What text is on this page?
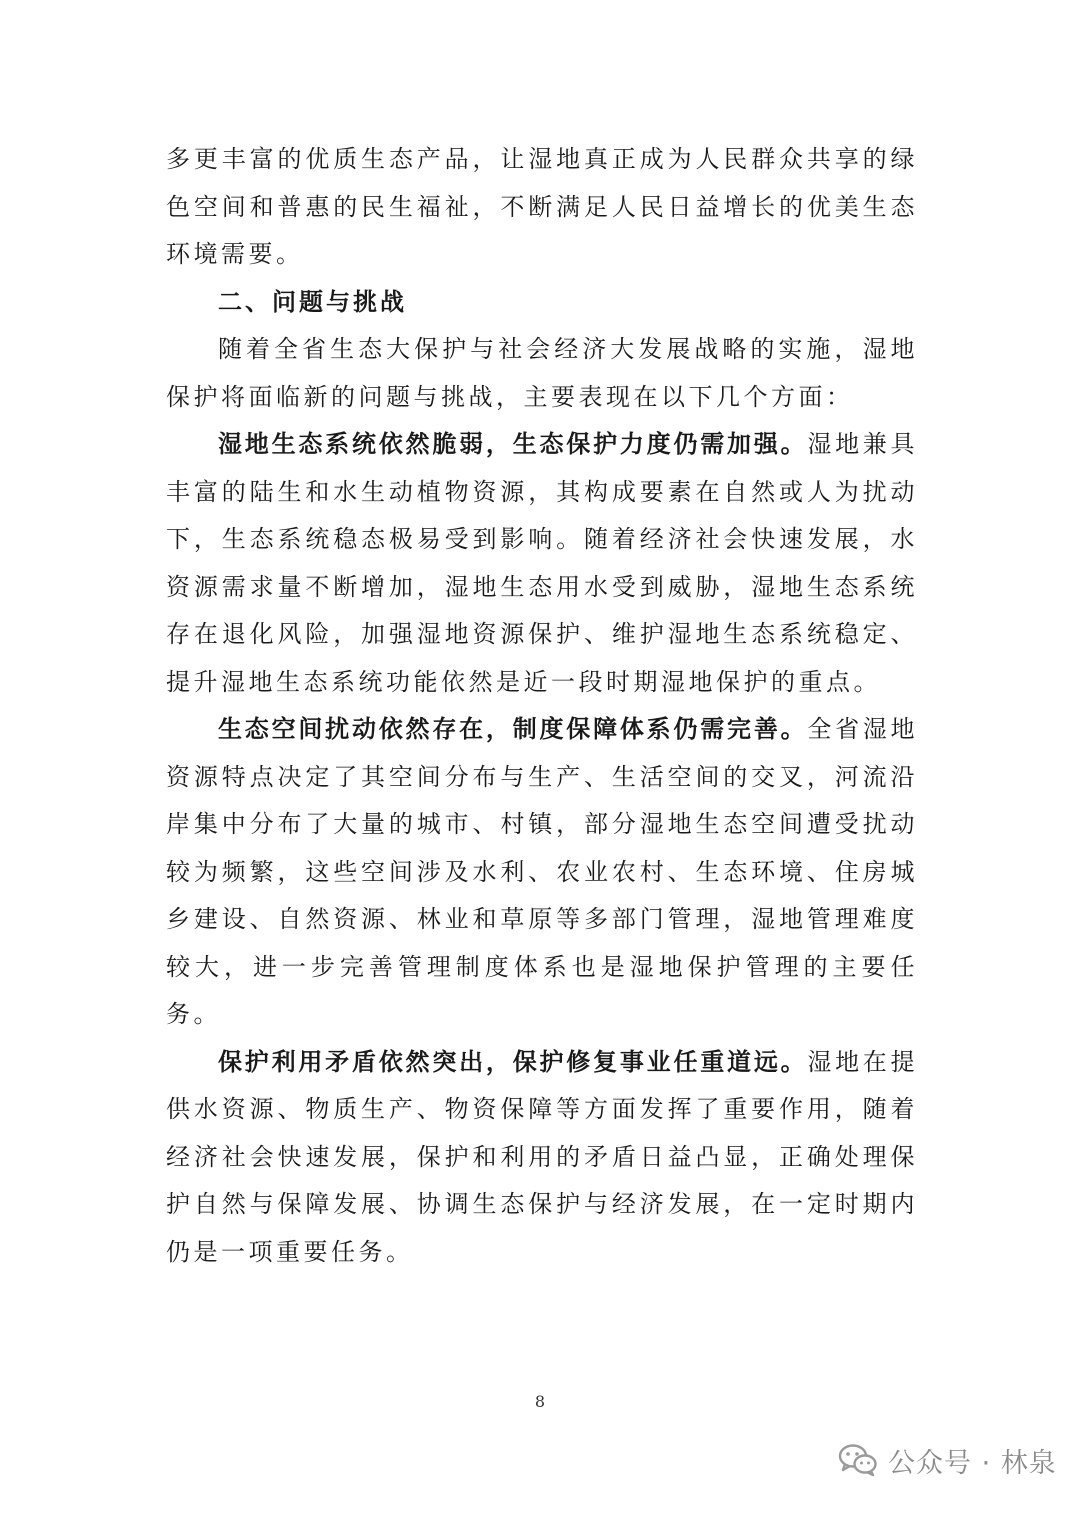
多更丰富的优质生态产品，让湿地真正成为人民群众共享的绿色空间和普惠的民生福祉，不断满足人民日益增长的优美生态环境需要。

二、问题与挑战

随着全省生态大保护与社会经济大发展战略的实施，湿地保护将面临新的问题与挑战，主要表现在以下几个方面：

湿地生态系统依然脆弱，生态保护力度仍需加强。湿地兼具丰富的陆生和水生动植物资源，其构成要素在自然或人为扰动下，生态系统稳态极易受到影响。随着经济社会快速发展，水资源需求量不断增加，湿地生态用水受到威胁，湿地生态系统存在退化风险，加强湿地资源保护、维护湿地生态系统稳定、提升湿地生态系统功能依然是近一段时期湿地保护的重点。

生态空间扰动依然存在，制度保障体系仍需完善。全省湿地资源特点决定了其空间分布与生产、生活空间的交叉，河流沿岸集中分布了大量的城市、村镇，部分湿地生态空间遭受扰动较为频繁，这些空间涉及水利、农业农村、生态环境、住房城乡建设、自然资源、林业和草原等多部门管理，湿地管理难度较大，进一步完善管理制度体系也是湿地保护管理的主要任务。

保护利用矛盾依然突出，保护修复事业任重道远。湿地在提供水资源、物质生产、物资保障等方面发挥了重要作用，随着经济社会快速发展，保护和利用的矛盾日益凸显，正确处理保护自然与保障发展、协调生态保护与经济发展，在一定时期内仍是一项重要任务。

8
公众号 · 林泉
